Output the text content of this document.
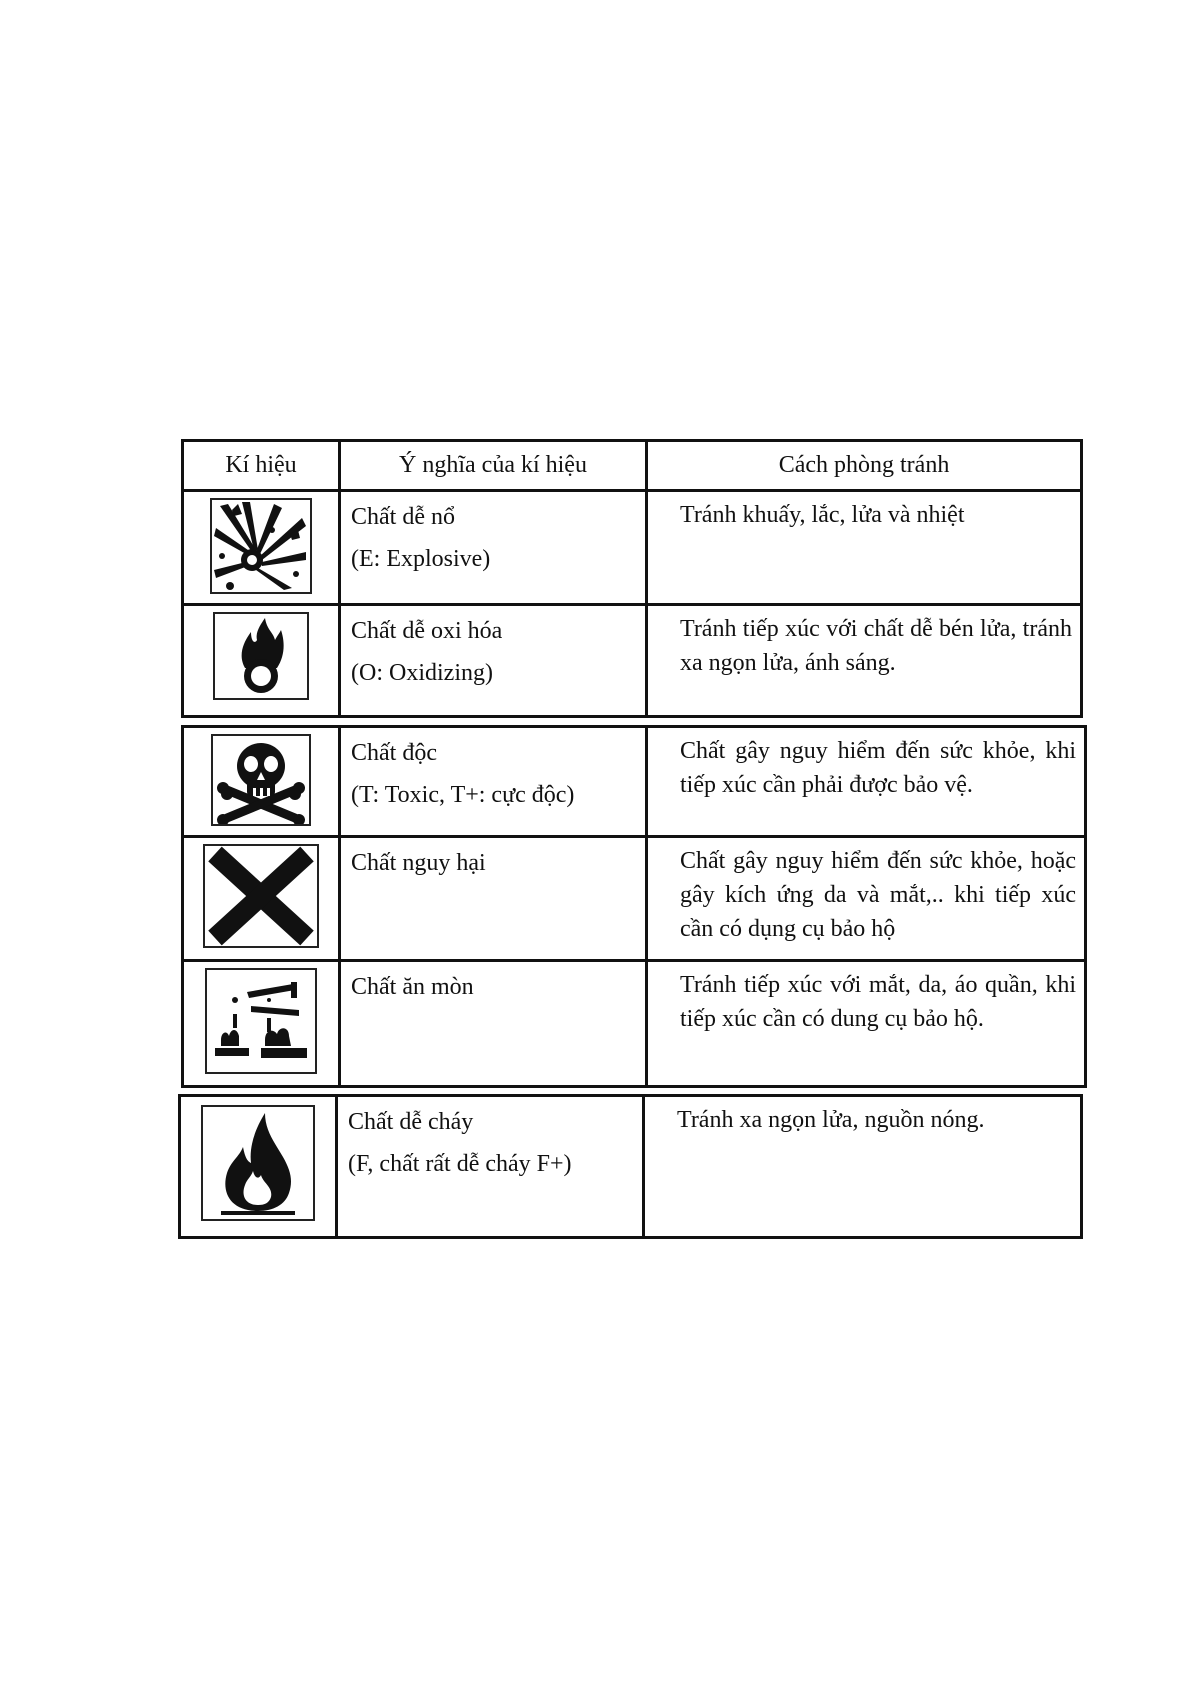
Kí hiệu	Ý nghĩa của kí hiệu	Cách phòng tránh

Chất dễ nổ
(E: Explosive)	Tránh khuấy, lắc, lửa và nhiệt

Chất dễ oxi hóa
(O: Oxidizing)	Tránh tiếp xúc với chất dễ bén lửa, tránh xa ngọn lửa, ánh sáng.

Chất độc
(T: Toxic, T+: cực độc)	Chất gây nguy hiểm đến sức khỏe, khi tiếp xúc cần phải được bảo vệ.

Chất nguy hại	Chất gây nguy hiểm đến sức khỏe, hoặc gây kích ứng da và mắt,.. khi tiếp xúc cần có dụng cụ bảo hộ

Chất ăn mòn	Tránh tiếp xúc với mắt, da, áo quần, khi tiếp xúc cần có dung cụ bảo hộ.

Chất dễ cháy
(F, chất rất dễ cháy F+)
	Tránh xa ngọn lửa, nguồn nóng.
